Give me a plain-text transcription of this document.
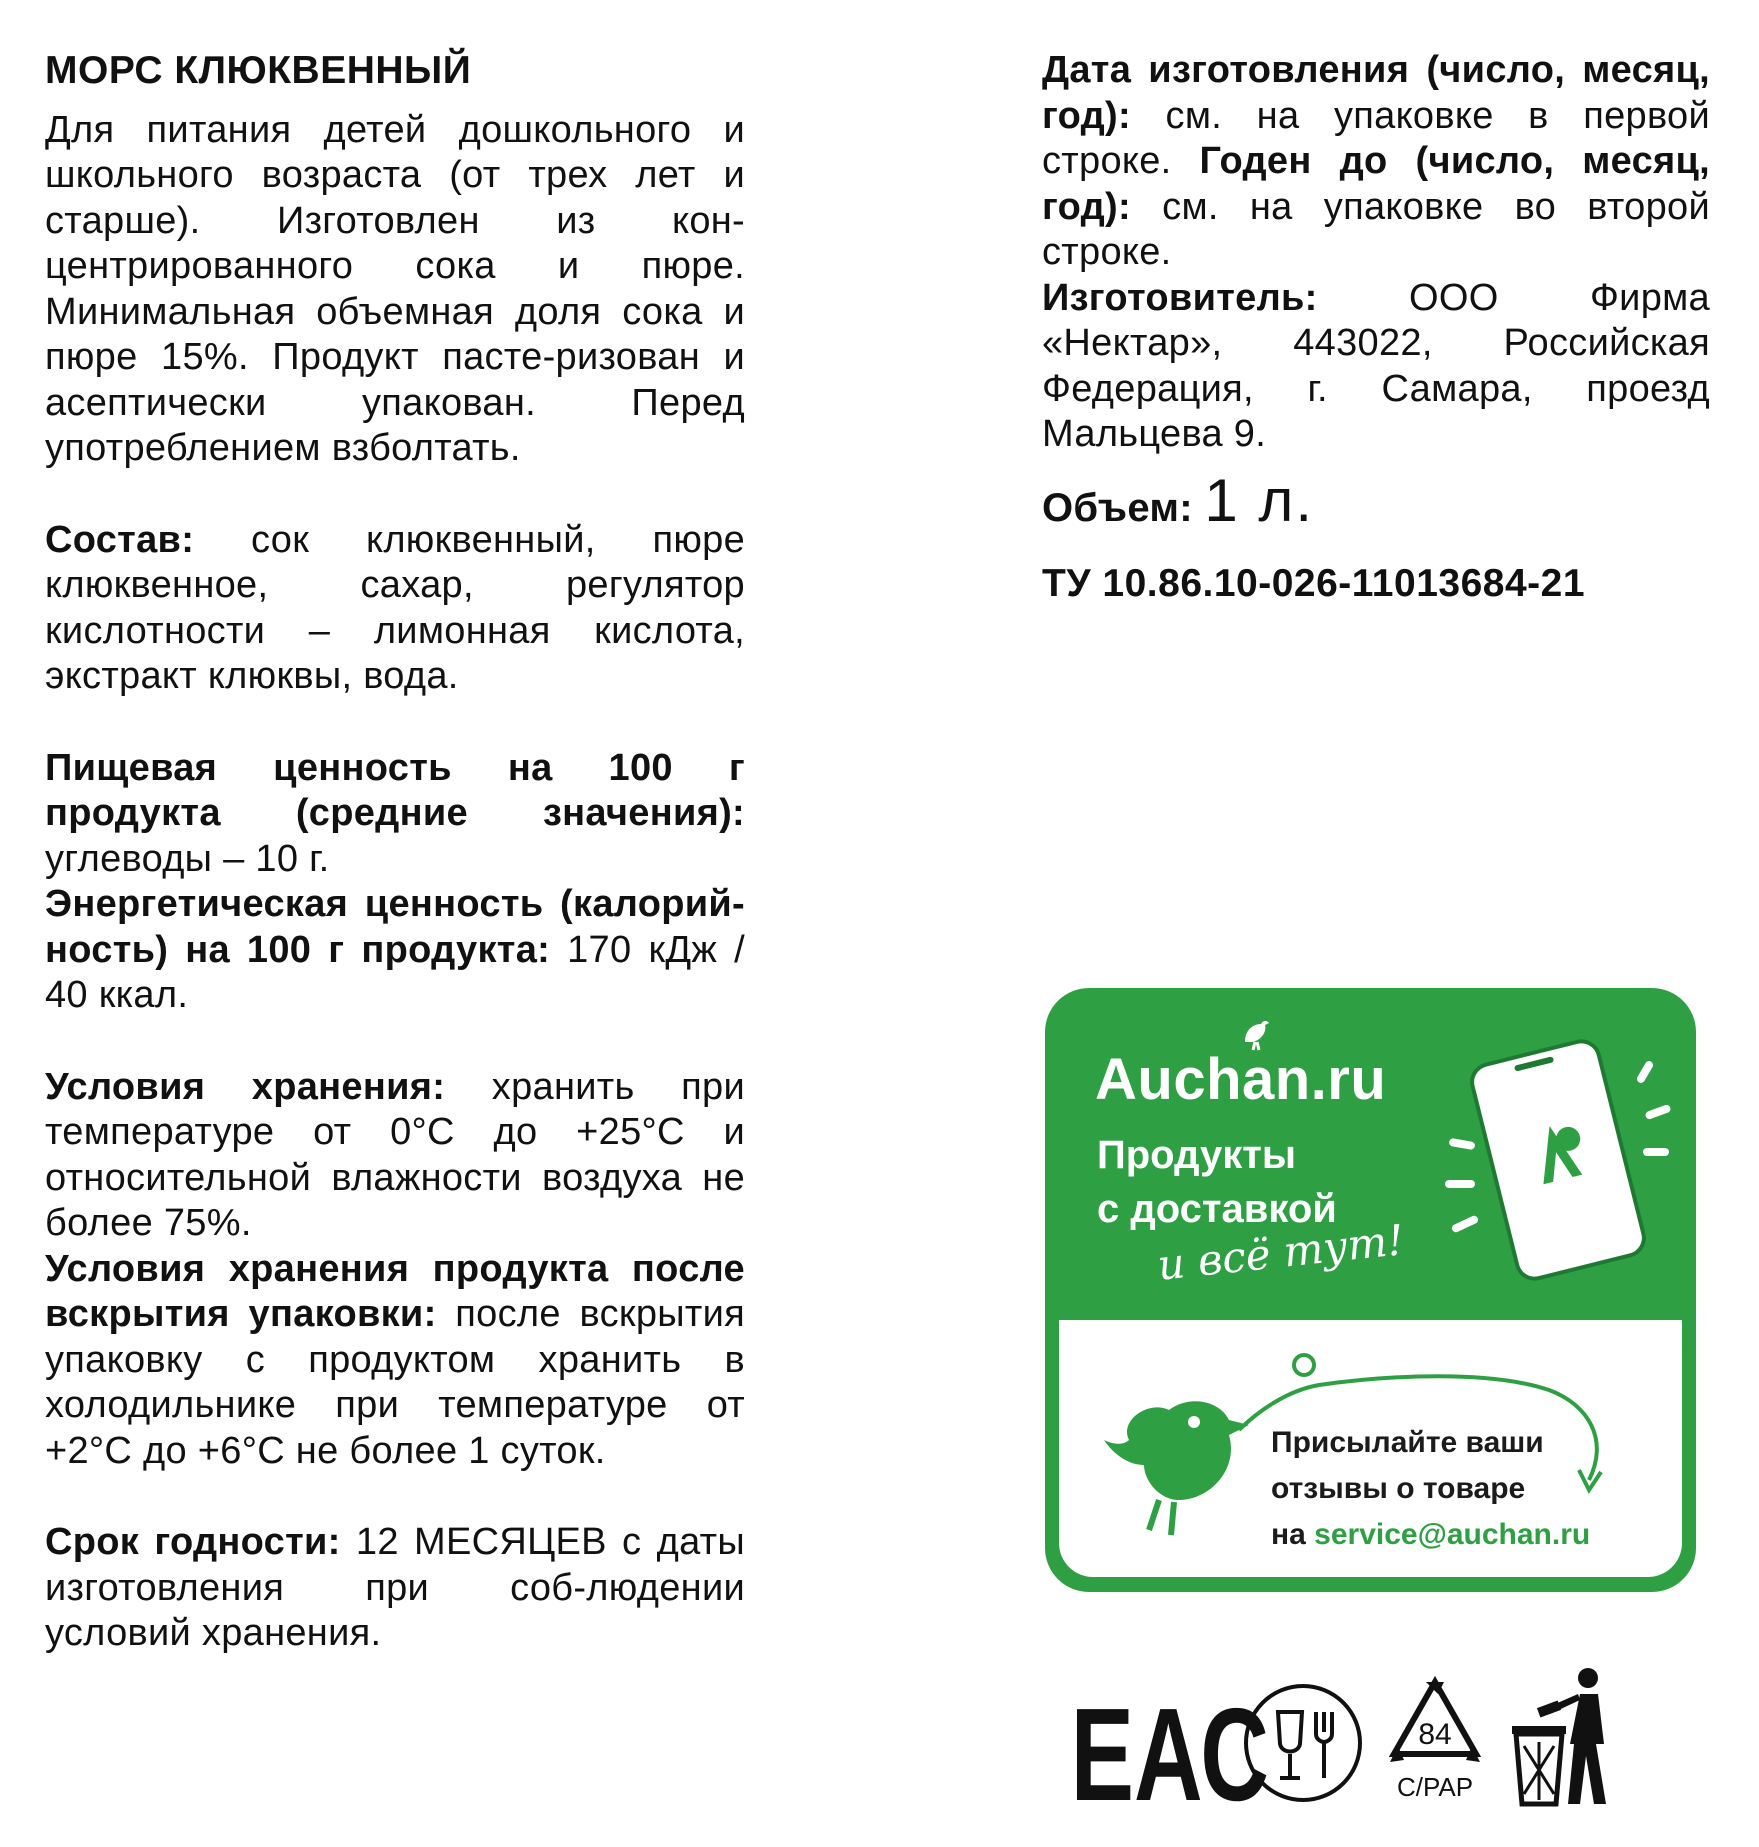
МОРС КЛЮКВЕННЫЙ

Для питания детей дошкольного и школьного возраста (от трех лет и старше). Изготовлен из кон-центрированного сока и пюре. Минимальная объемная доля сока и пюре 15%. Продукт пасте-ризован и асептически упакован. Перед употреблением взболтать.

Состав: сок клюквенный, пюре клюквенное, сахар, регулятор кислотности – лимонная кислота, экстракт клюквы, вода.

Пищевая ценность на 100 г продукта (средние значения): углеводы – 10 г.

Энергетическая ценность (калорий-ность) на 100 г продукта: 170 кДж / 40 ккал.

Условия хранения: хранить при температуре от 0°С до +25°С и относительной влажности воздуха не более 75%.

Условия хранения продукта после вскрытия упаковки: после вскрытия упаковку с продуктом хранить в холодильнике при температуре от +2°С до +6°С не более 1 суток.

Срок годности: 12 МЕСЯЦЕВ с даты изготовления при соб-людении условий хранения.

Дата изготовления (число, месяц, год): см. на упаковке в первой строке. Годен до (число, месяц, год): см. на упаковке во второй строке.

Изготовитель: ООО Фирма «Нектар», 443022, Российская Федерация, г. Самара, проезд Мальцева 9.

Объем: 1 л.
ТУ 10.86.10-026-11013684-21
Auchan.ru
Продукты
с доставкой
и всё тут!
Присылайте ваши
отзывы о товаре
на service@auchan.ru
ЕАС	84
C/PAP
